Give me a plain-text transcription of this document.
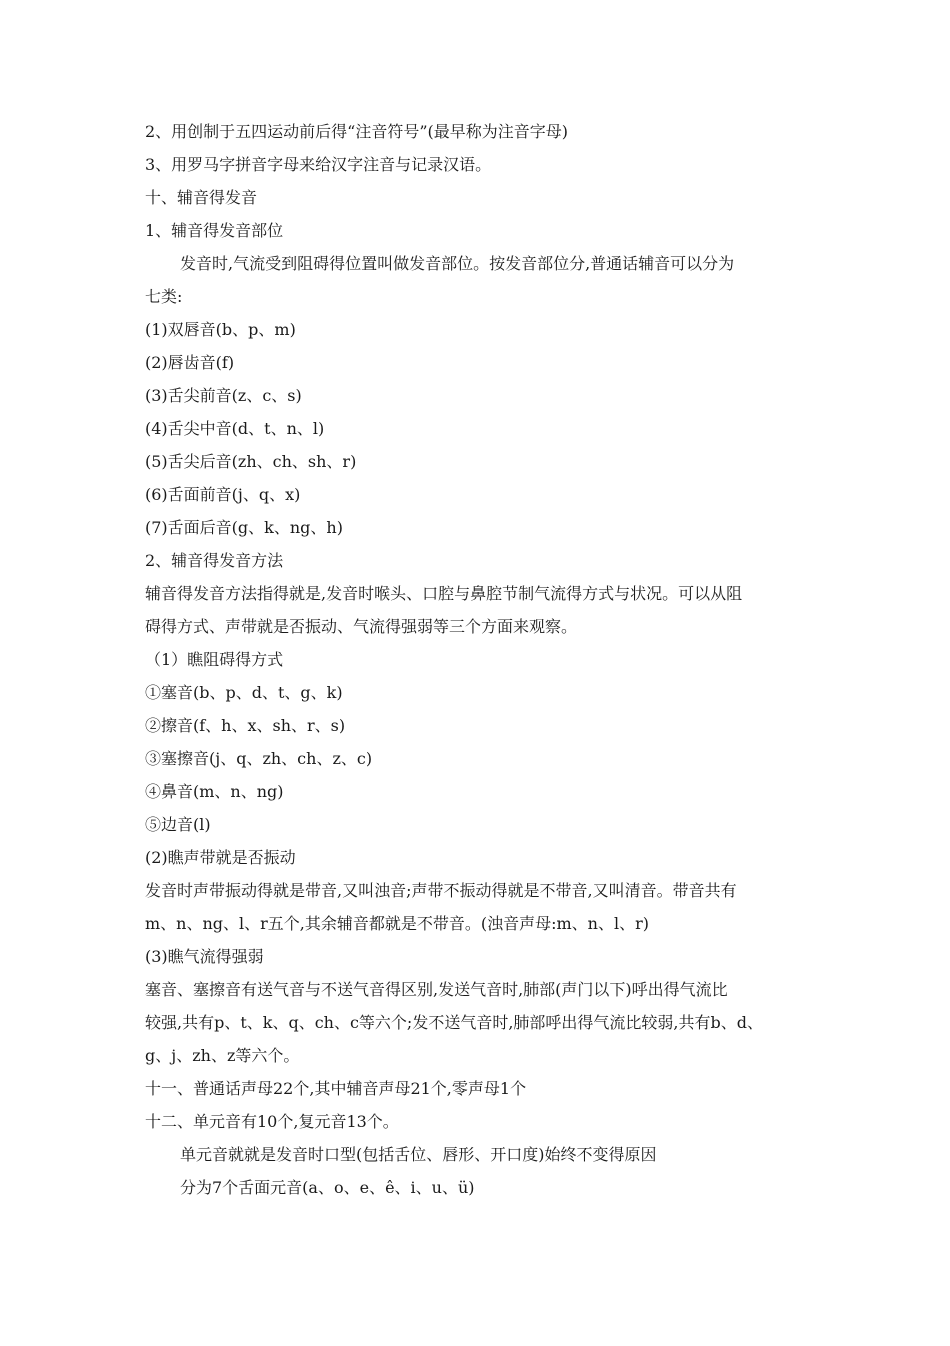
2、用创制于五四运动前后得“注音符号”(最早称为注音字母)
3、用罗马字拼音字母来给汉字注音与记录汉语。
十、辅音得发音
1、辅音得发音部位
发音时,气流受到阻碍得位置叫做发音部位。按发音部位分,普通话辅音可以分为
七类:
(1)双唇音(b、p、m)
(2)唇齿音(f)
(3)舌尖前音(z、c、s)
(4)舌尖中音(d、t、n、l)
(5)舌尖后音(zh、ch、sh、r)
(6)舌面前音(j、q、x)
(7)舌面后音(g、k、ng、h)
2、辅音得发音方法
辅音得发音方法指得就是,发音时喉头、口腔与鼻腔节制气流得方式与状况。可以从阻
碍得方式、声带就是否振动、气流得强弱等三个方面来观察。
（1）瞧阻碍得方式
①塞音(b、p、d、t、g、k)
②擦音(f、h、x、sh、r、s)
③塞擦音(j、q、zh、ch、z、c)
④鼻音(m、n、ng)
⑤边音(l)
(2)瞧声带就是否振动
发音时声带振动得就是带音,又叫浊音;声带不振动得就是不带音,又叫清音。带音共有
m、n、ng、l、r五个,其余辅音都就是不带音。(浊音声母:m、n、l、r)
(3)瞧气流得强弱
塞音、塞擦音有送气音与不送气音得区别,发送气音时,肺部(声门以下)呼出得气流比
较强,共有p、t、k、q、ch、c等六个;发不送气音时,肺部呼出得气流比较弱,共有b、d、
g、j、zh、z等六个。
十一、普通话声母22个,其中辅音声母21个,零声母1个
十二、单元音有10个,复元音13个。
单元音就就是发音时口型(包括舌位、唇形、开口度)始终不变得原因
分为7个舌面元音(a、o、e、ê、i、u、ü)
